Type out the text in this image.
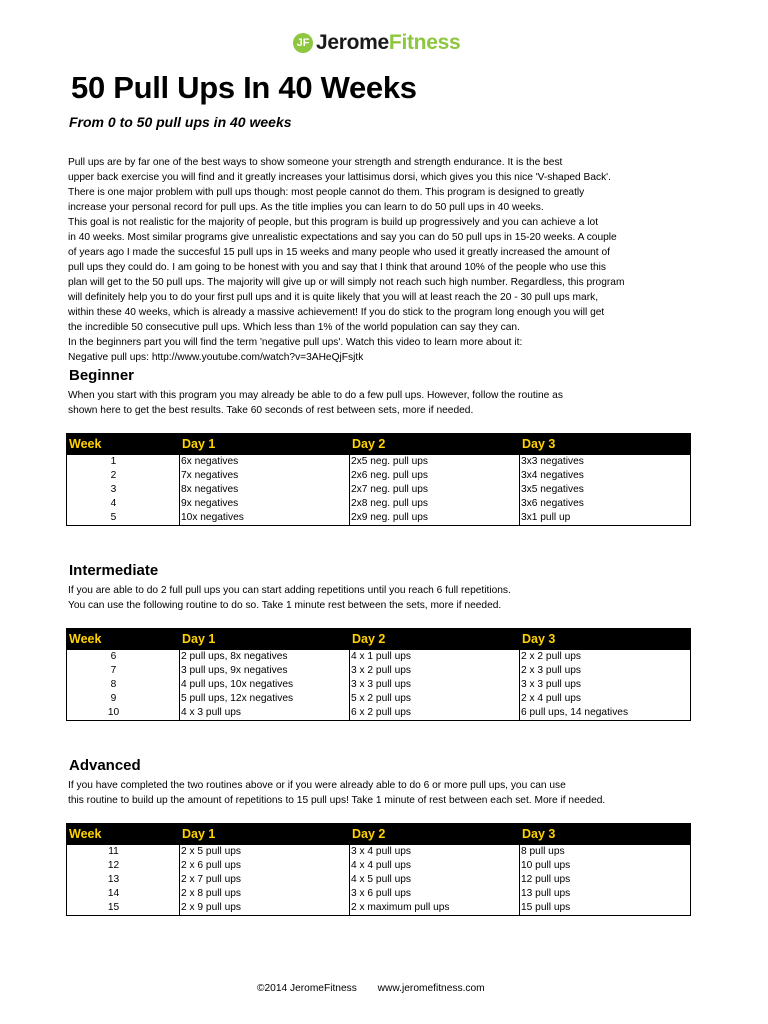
JF JeromeFitness
50 Pull Ups In 40 Weeks
From 0 to 50 pull ups in 40 weeks
Pull ups are by far one of the best ways to show someone your strength and strength endurance. It is the best
upper back exercise you will find and it greatly increases your lattisimus dorsi, which gives you this nice 'V-shaped Back'.
There is one major problem with pull ups though: most people cannot do them. This program is designed to greatly
increase your personal record for pull ups. As the title implies you can learn to do 50 pull ups in 40 weeks.
This goal is not realistic for the majority of people, but this program is build up progressively and you can achieve a lot
in 40 weeks. Most similar programs give unrealistic expectations and say you can do 50 pull ups in 15-20 weeks. A couple
of years ago I made the succesful 15 pull ups in 15 weeks and many people who used it greatly increased the amount of
pull ups they could do. I am going to be honest with you and say that I think that around 10% of the people who use this
plan will get to the 50 pull ups. The majority will give up or will simply not reach such high number. Regardless, this program
will definitely help you to do your first pull ups and it is quite likely that you will at least reach the 20 - 30 pull ups mark,
within these 40 weeks, which is already a massive achievement! If you do stick to the program long enough you will get
the incredible 50 consecutive pull ups. Which less than 1% of the world population can say they can.
In the beginners part you will find the term 'negative pull ups'. Watch this video to learn more about it:
Negative pull ups: http://www.youtube.com/watch?v=3AHeQjFsjtk
Beginner
When you start with this program you may already be able to do a few pull ups. However, follow the routine as
shown here to get the best results. Take 60 seconds of rest between sets, more if needed.
Week	Day 1	Day 2	Day 3
1	6x negatives	2x5 neg. pull ups	3x3 negatives
2	7x negatives	2x6 neg. pull ups	3x4 negatives
3	8x negatives	2x7 neg. pull ups	3x5 negatives
4	9x negatives	2x8 neg. pull ups	3x6 negatives
5	10x negatives	2x9 neg. pull ups	3x1 pull up
Intermediate
If you are able to do 2 full pull ups you can start adding repetitions until you reach 6 full repetitions.
You can use the following routine to do so. Take 1 minute rest between the sets, more if needed.
Week	Day 1	Day 2	Day 3
6	2 pull ups, 8x negatives	4 x 1 pull ups	2 x 2 pull ups
7	3 pull ups, 9x negatives	3 x 2 pull ups	2 x 3 pull ups
8	4 pull ups, 10x negatives	3 x 3 pull ups	3 x 3 pull ups
9	5 pull ups, 12x negatives	5 x 2 pull ups	2 x 4 pull ups
10	4 x 3 pull ups	6 x 2 pull ups	6 pull ups, 14 negatives
Advanced
If you have completed the two routines above or if you were already able to do 6 or more pull ups, you can use
this routine to build up the amount of repetitions to 15 pull ups! Take 1 minute of rest between each set. More if needed.
Week	Day 1	Day 2	Day 3
11	2 x 5 pull ups	3 x 4 pull ups	8 pull ups
12	2 x 6 pull ups	4 x 4 pull ups	10 pull ups
13	2 x 7 pull ups	4 x 5 pull ups	12 pull ups
14	2 x 8 pull ups	3 x 6 pull ups	13 pull ups
15	2 x 9 pull ups	2 x maximum pull ups	15 pull ups
©2014 JeromeFitness www.jeromefitness.com
